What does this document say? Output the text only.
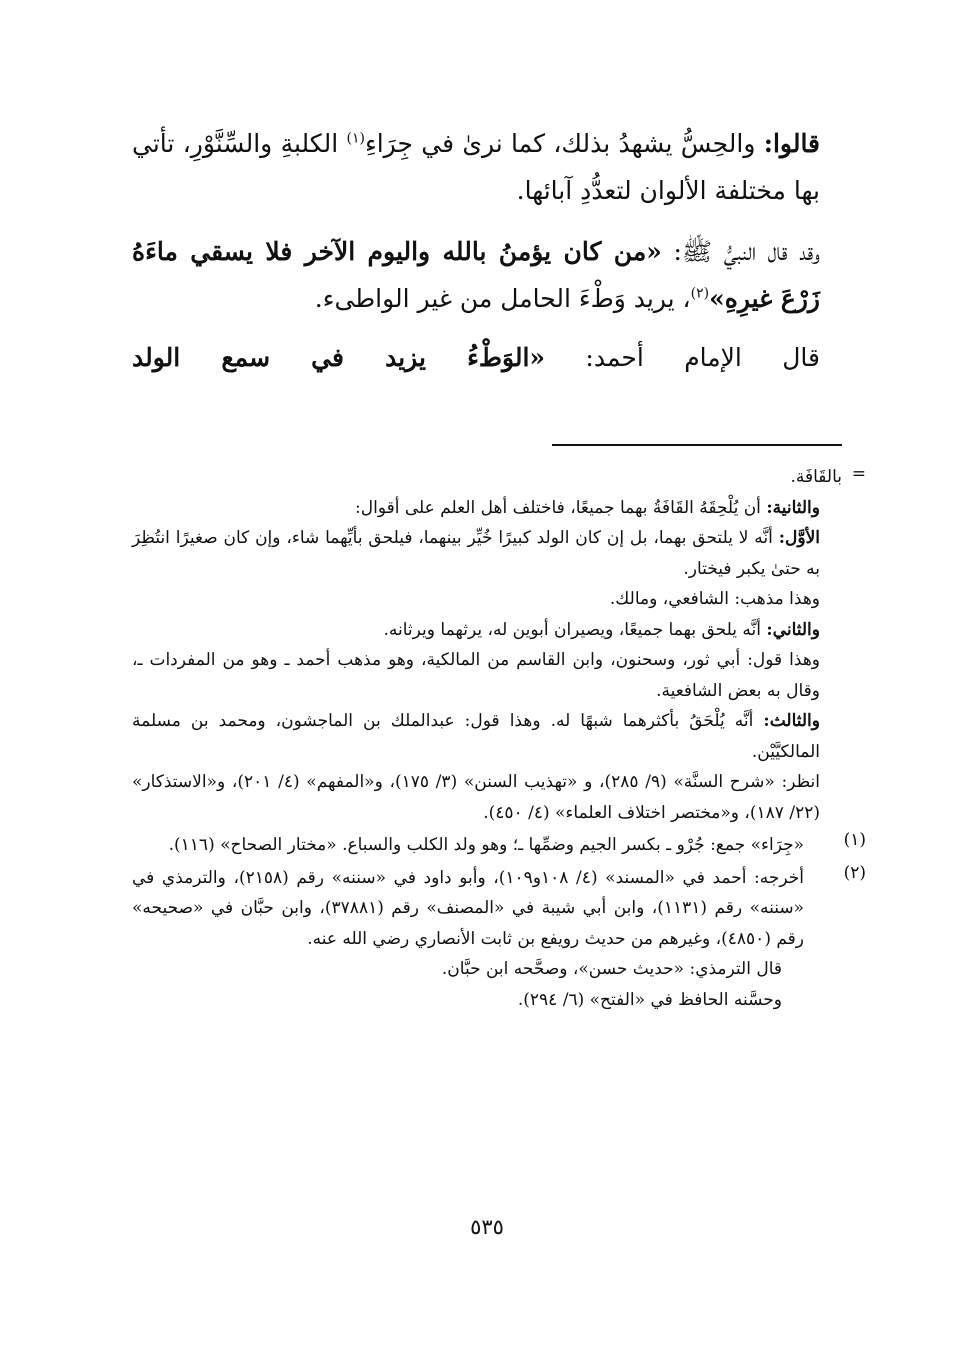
قالوا: والحِسُّ يشهدُ بذلك، كما نرىٰ في جِرَاءِ$^{(١)}$ الكلبةِ والسِّنَّوْرِ، تأتي بها مختلفة الألوان لتعدُّدِ آبائها.

وقد قال النبيُّ ﷺ: «من كان يؤمنُ بالله واليوم الآخر فلا يسقي ماءَهُ زَرْعَ غيرِهِ»$^{(٢)}$، يريد وَطْءَ الحامل من غير الواطىء.

قال الإمام أحمد: «الوَطْءُ يزيد في سمع الولد

=

بالقَافَة.

والثانية: أن يُلْحِقَهُ القَافَةُ بهما جميعًا، فاختلف أهل العلم على أقوال:

الأوَّل: أنَّه لا يلتحق بهما، بل إن كان الولد كبيرًا خُيِّر بينهما، فيلحق بأيِّهما شاء، وإن كان صغيرًا انتُظِرَ به حتىٰ يكبر فيختار.

وهذا مذهب: الشافعي، ومالك.

والثاني: أنَّه يلحق بهما جميعًا، ويصيران أبوين له، يرثهما ويرثانه.

وهذا قول: أبي ثور، وسحنون، وابن القاسم من المالكية، وهو مذهب أحمد ـ وهو من المفردات ـ، وقال به بعض الشافعية.

والثالث: أنَّه يُلْحَقُ بأكثرهما شبهًا له. وهذا قول: عبدالملك بن الماجشون، ومحمد بن مسلمة المالكيَّيْن.

انظر: «شرح السنَّة» (٩/ ٢٨٥)، و «تهذيب السنن» (٣/ ١٧٥)، و«المفهم» (٤/ ٢٠١)، و«الاستذكار» (٢٢/ ١٨٧)، و«مختصر اختلاف العلماء» (٤/ ٤٥٠).

(١)

«جِرَاء» جمع: جُرْو ـ بكسر الجيم وضمِّها ـ؛ وهو ولد الكلب والسباع. «مختار الصحاح» (١١٦).

(٢)

أخرجه: أحمد في «المسند» (٤/ ١٠٨و١٠٩)، وأبو داود في «سننه» رقم (٢١٥٨)، والترمذي في «سننه» رقم (١١٣١)، وابن أبي شيبة في «المصنف» رقم (٣٧٨٨١)، وابن حبَّان في «صحيحه» رقم (٤٨٥٠)، وغيرهم من حديث رويفع بن ثابت الأنصاري رضي الله عنه.

قال الترمذي: «حديث حسن»، وصحَّحه ابن حبَّان.

وحسَّنه الحافظ في «الفتح» (٦/ ٢٩٤).

٥٣٥
